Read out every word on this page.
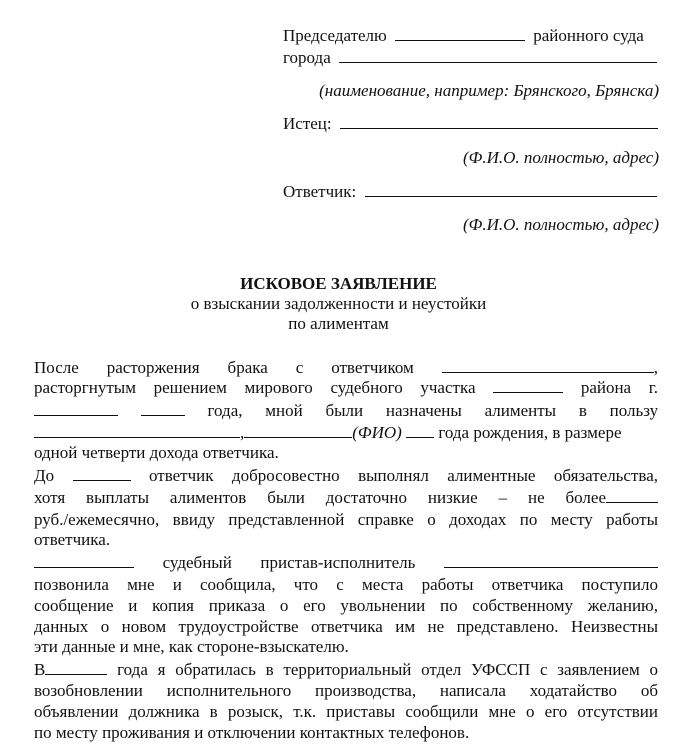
Председателю	районного суда
города
(наименование, например: Брянского, Брянска)
Истец:
(Ф.И.О. полностью, адрес)
Ответчик:
(Ф.И.О. полностью, адрес)
ИСКОВОЕ ЗАЯВЛЕНИЕ
о взыскании задолженности и неустойки
по алиментам
После расторжения брака с ответчиком	,
расторгнутым решением мирового судебного участка	района г.
года, мной были назначены алименты в пользу
,	(ФИО) года рождения, в размере
одной четверти дохода ответчика.
До	ответчик добросовестно выполнял алиментные обязательства,
хотя выплаты алиментов были достаточно низкие – не более
руб./ежемесячно, ввиду представленной справке о доходах по месту работы
ответчика.
судебный пристав-исполнитель
позвонила мне и сообщила, что с места работы ответчика поступило
сообщение и копия приказа о его увольнении по собственному желанию,
данных о новом трудоустройстве ответчика им не представлено. Неизвестны
эти данные и мне, как стороне-взыскателю.
В	года я обратилась в территориальный отдел УФССП с заявлением о
возобновлении исполнительного производства, написала ходатайство об
объявлении должника в розыск, т.к. приставы сообщили мне о его отсутствии
по месту проживания и отключении контактных телефонов.
